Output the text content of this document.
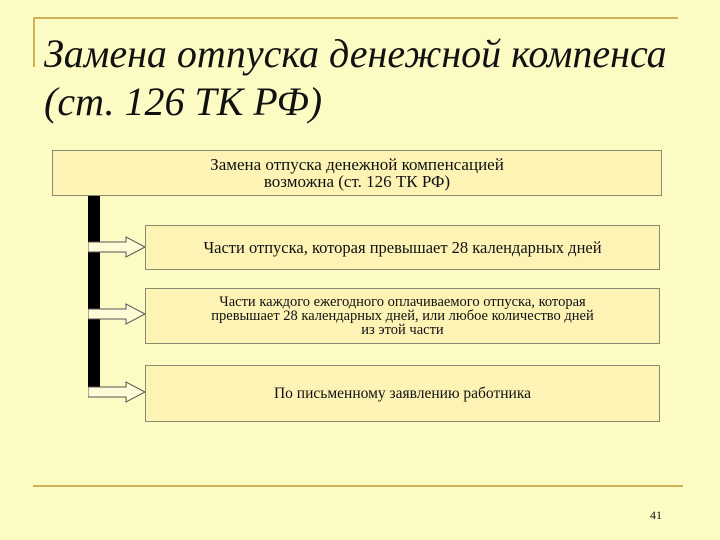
Замена отпуска денежной компенса
(ст. 126 ТК РФ)
Замена отпуска денежной компенсацией
возможна (ст. 126 ТК РФ)
Части отпуска, которая превышает 28 календарных дней
Части каждого ежегодного оплачиваемого отпуска, которая
превышает 28 календарных дней, или любое количество дней
из этой части
По письменному заявлению работника
41
